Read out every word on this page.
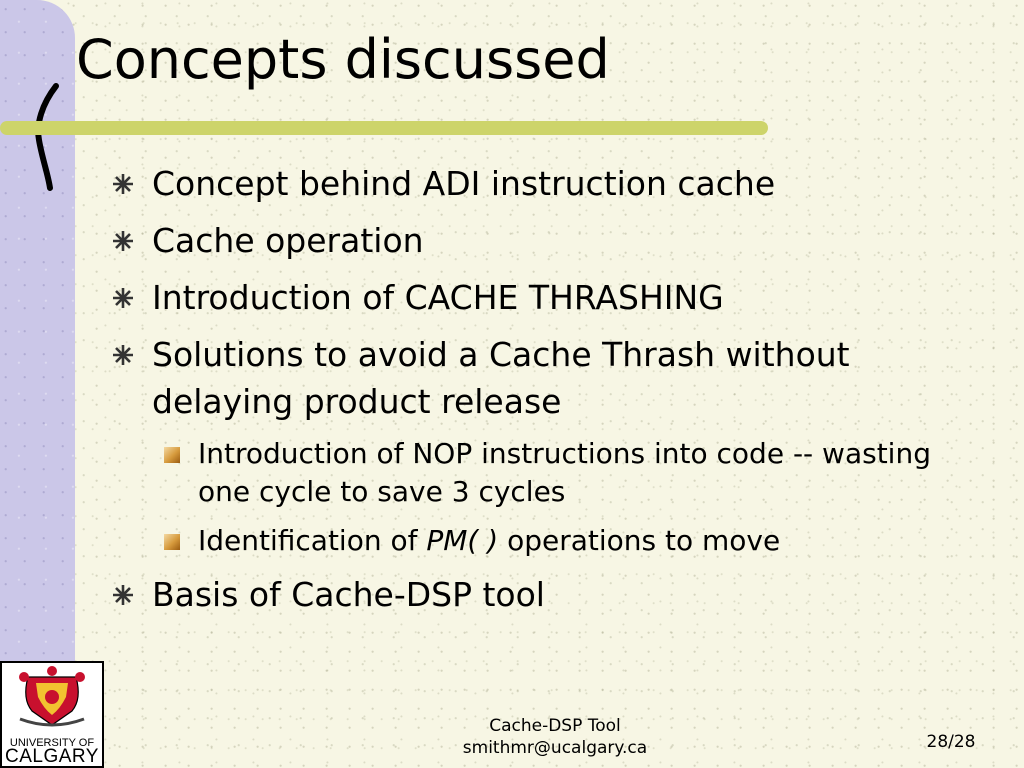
Concepts discussed
Concept behind ADI instruction cache
Cache operation
Introduction of CACHE THRASHING
Solutions to avoid a Cache Thrash without delaying product release
Introduction of NOP instructions into code -- wasting one cycle to save 3 cycles
Identification of PM( ) operations to move
Basis of Cache-DSP tool
UNIVERSITY OF
CALGARY
Cache-DSP Tool
smithmr@ucalgary.ca	28/28
